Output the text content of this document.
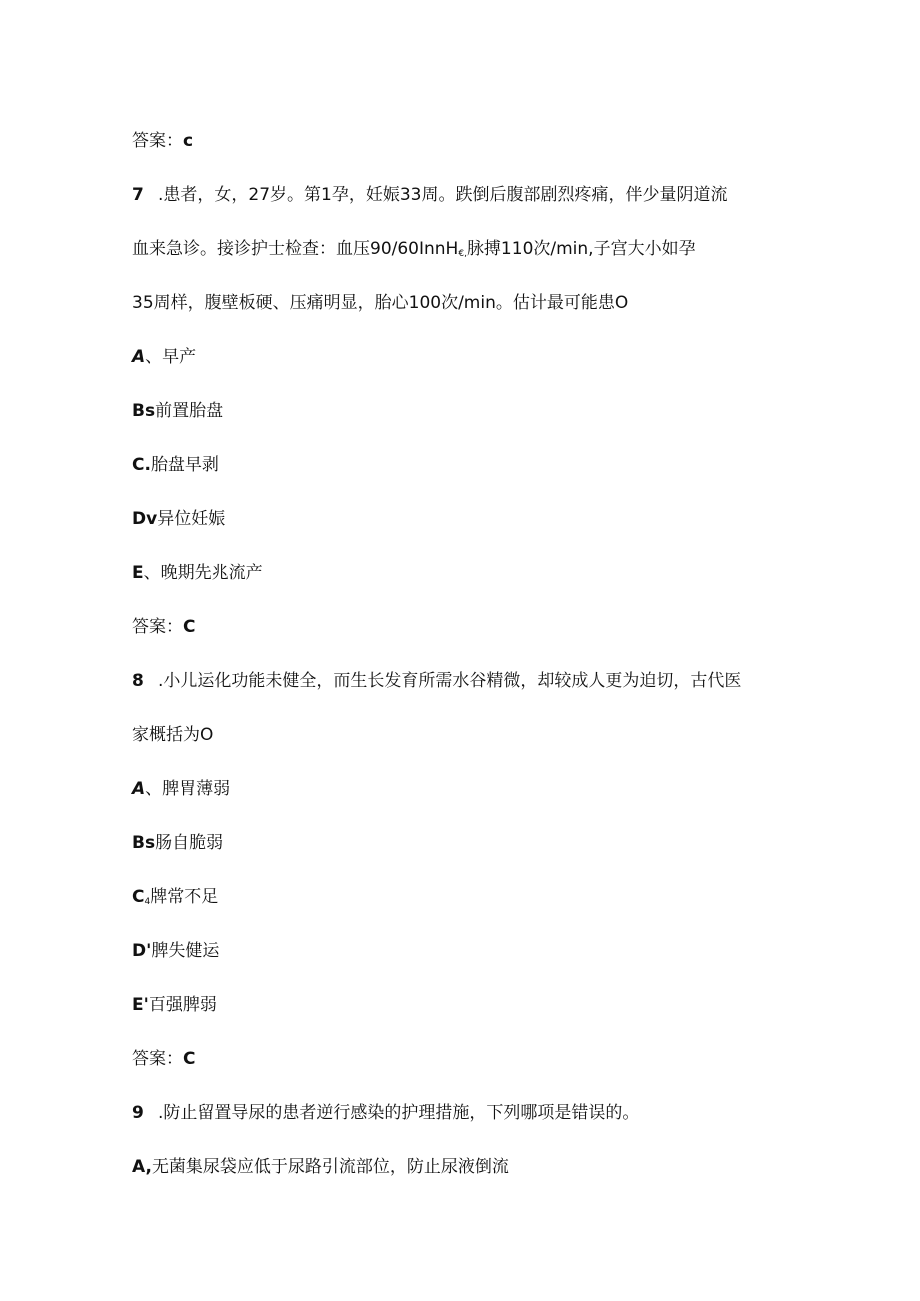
答案：c
7 .患者，女，27岁。第1孕，妊娠33周。跌倒后腹部剧烈疼痛，伴少量阴道流
血来急诊。接诊护士检查：血压90/60InnH$_{€,}$脉搏110次/min,子宫大小如孕
35周样，腹壁板硬、压痛明显，胎心100次/min。估计最可能患O
A、早产
Bs前置胎盘
C.胎盘早剥
Dv异位妊娠
E、晚期先兆流产
答案：C
8 .小儿运化功能未健全，而生长发育所需水谷精微，却较成人更为迫切，古代医
家概括为O
A、脾胃薄弱
Bs肠自脆弱
$C_4$牌常不足
D'脾失健运
E'百强脾弱
答案：C
9 .防止留置导尿的患者逆行感染的护理措施，下列哪项是错误的。
A,无菌集尿袋应低于尿路引流部位，防止尿液倒流
